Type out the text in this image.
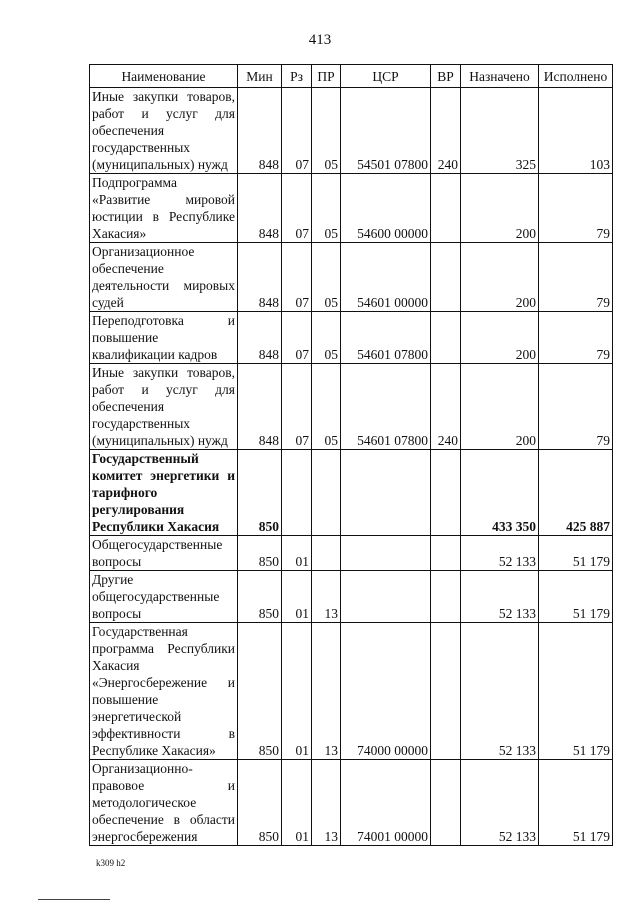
413
Наименование	Мин	Рз	ПР	ЦСР	ВР	Назначено	Исполнено
Иные закупки товаров, работ и услуг для обеспечения государственных (муниципальных) нужд	848	07	05	54501 07800	240	325	103
Подпрограмма «Развитие мировой юстиции в Республике Хакасия»	848	07	05	54600 00000		200	79
Организационное обеспечение деятельности мировых судей	848	07	05	54601 00000		200	79
Переподготовка и повышение квалификации кадров	848	07	05	54601 07800		200	79
Иные закупки товаров, работ и услуг для обеспечения государственных (муниципальных) нужд	848	07	05	54601 07800	240	200	79
Государственный комитет энергетики и тарифного регулирования Республики Хакасия	850					433 350	425 887
Общегосударственные вопросы	850	01				52 133	51 179
Другие общегосударственные вопросы	850	01	13			52 133	51 179
Государственная программа Республики Хакасия «Энергосбережение и повышение энергетической эффективности в Республике Хакасия»	850	01	13	74000 00000		52 133	51 179
Организационно-правовое и методологическое обеспечение в области энергосбережения	850	01	13	74001 00000		52 133	51 179
k309 h2
